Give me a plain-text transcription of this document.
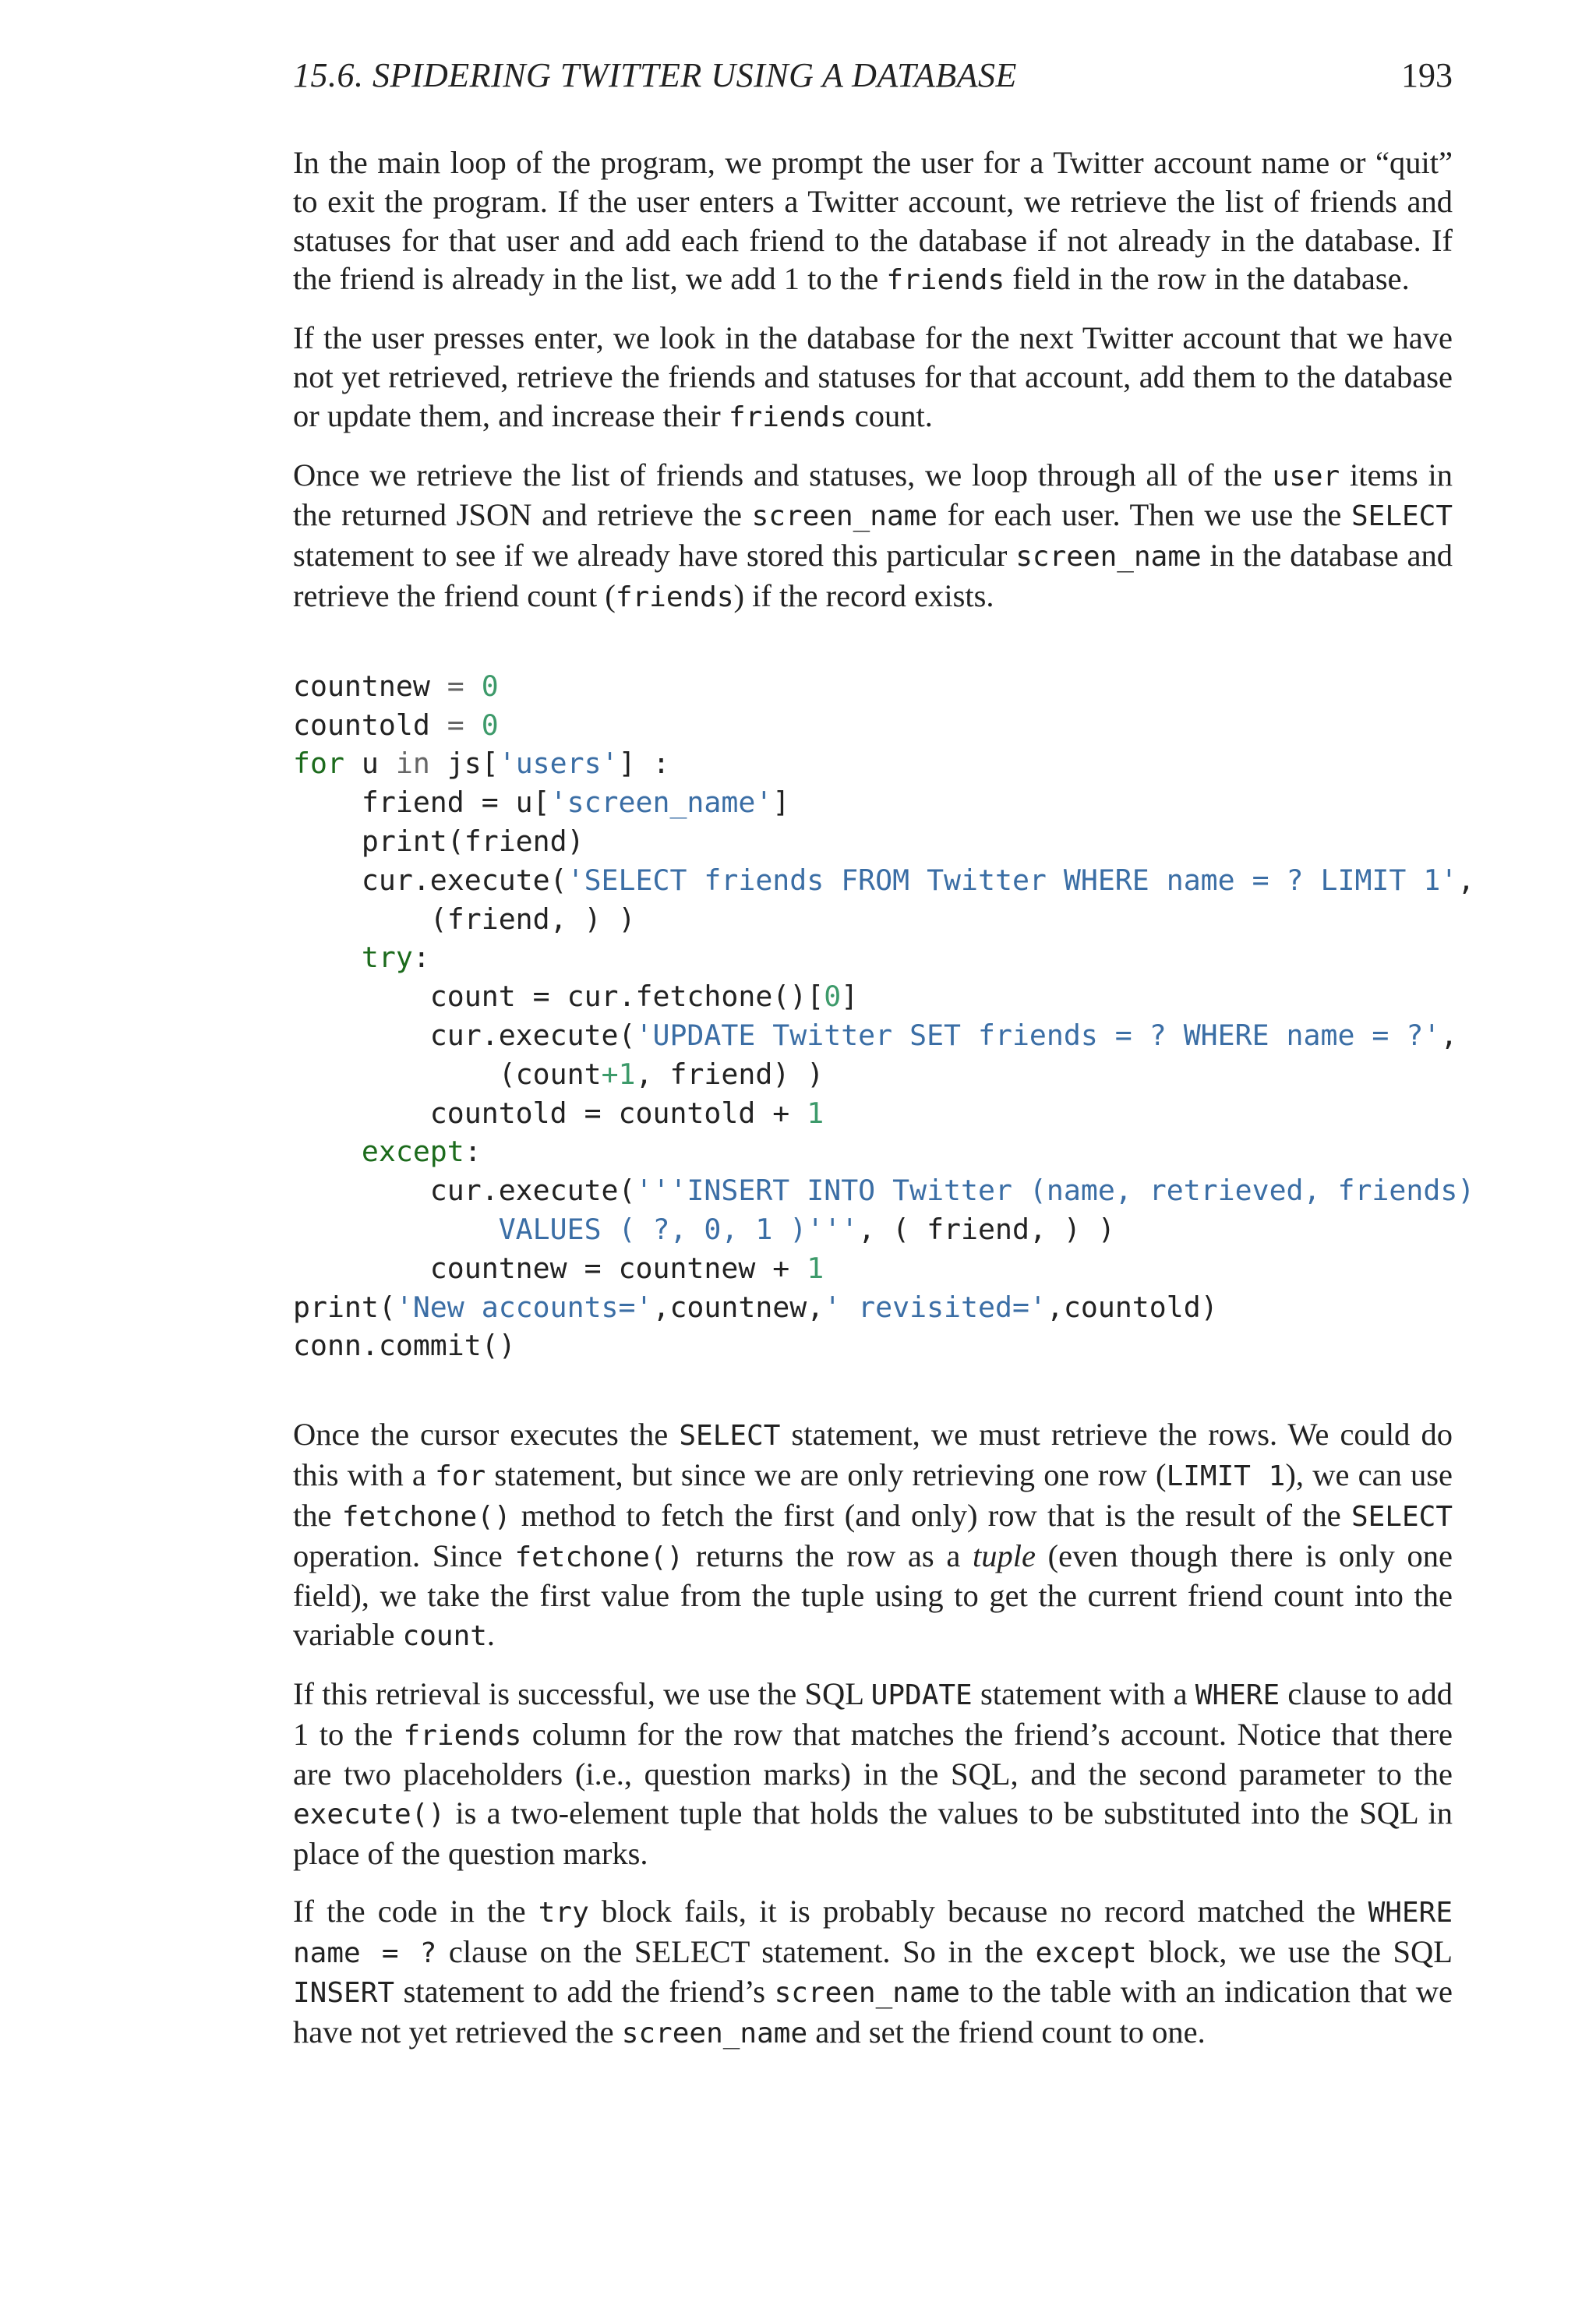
15.6. SPIDERING TWITTER USING A DATABASE	193

In the main loop of the program, we prompt the user for a Twitter account name or “quit” to exit the program. If the user enters a Twitter account, we retrieve the list of friends and statuses for that user and add each friend to the database if not already in the database. If the friend is already in the list, we add 1 to the friends field in the row in the database.

If the user presses enter, we look in the database for the next Twitter account that we have not yet retrieved, retrieve the friends and statuses for that account, add them to the database or update them, and increase their friends count.

Once we retrieve the list of friends and statuses, we loop through all of the user items in the returned JSON and retrieve the screen_name for each user. Then we use the SELECT statement to see if we already have stored this particular screen_name in the database and retrieve the friend count (friends) if the record exists.

countnew = 0
countold = 0
for u in js['users'] :
friend = u['screen_name']
print(friend)
cur.execute('SELECT friends FROM Twitter WHERE name = ? LIMIT 1',
(friend, ) )
try:
count = cur.fetchone()[0]
cur.execute('UPDATE Twitter SET friends = ? WHERE name = ?',
(count+1, friend) )
countold = countold + 1
except:
cur.execute('''INSERT INTO Twitter (name, retrieved, friends)
VALUES ( ?, 0, 1 )''', ( friend, ) )
countnew = countnew + 1
print('New accounts=',countnew,' revisited=',countold)
conn.commit()

Once the cursor executes the SELECT statement, we must retrieve the rows. We could do this with a for statement, but since we are only retrieving one row (LIMIT 1), we can use the fetchone() method to fetch the first (and only) row that is the result of the SELECT operation. Since fetchone() returns the row as a tuple (even though there is only one field), we take the first value from the tuple using to get the current friend count into the variable count.

If this retrieval is successful, we use the SQL UPDATE statement with a WHERE clause to add 1 to the friends column for the row that matches the friend’s account. Notice that there are two placeholders (i.e., question marks) in the SQL, and the second parameter to the execute() is a two-element tuple that holds the values to be substituted into the SQL in place of the question marks.

If the code in the try block fails, it is probably because no record matched the WHERE name = ? clause on the SELECT statement. So in the except block, we use the SQL INSERT statement to add the friend’s screen_name to the table with an indication that we have not yet retrieved the screen_name and set the friend count to one.
